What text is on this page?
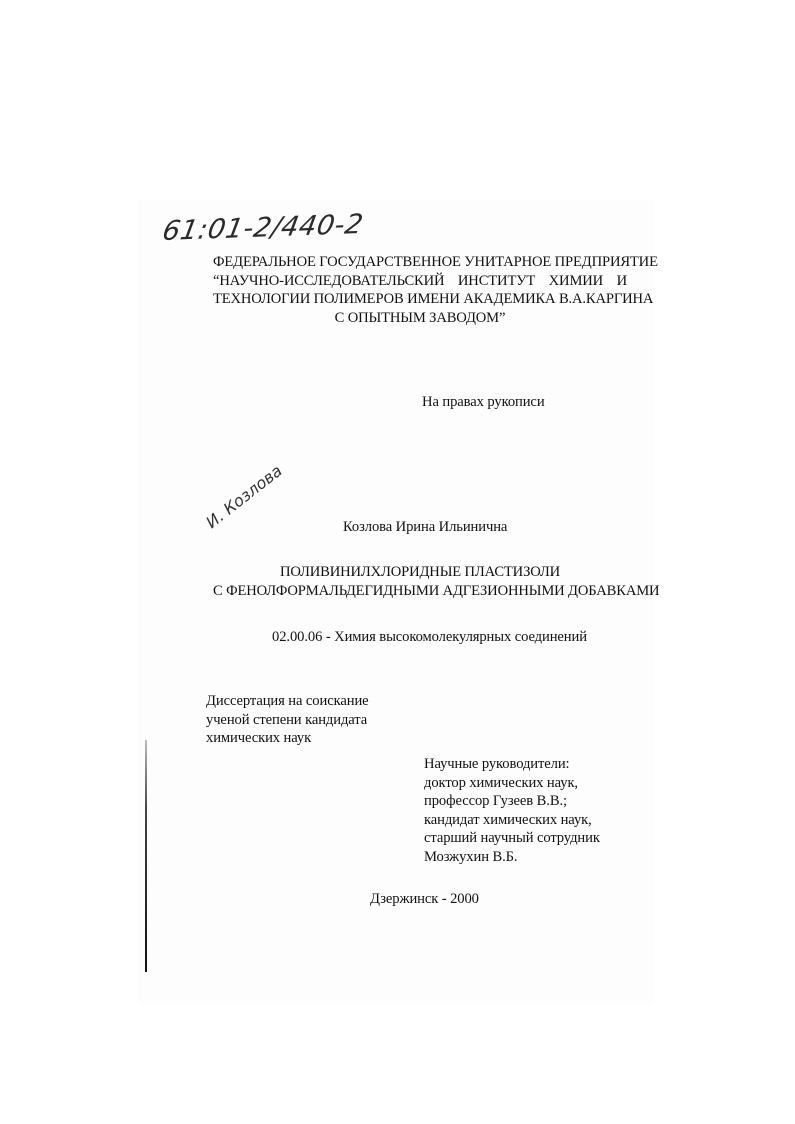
61:01-2/440-2
ФЕДЕРАЛЬНОЕ ГОСУДАРСТВЕННОЕ УНИТАРНОЕ ПРЕДПРИЯТИЕ
“НАУЧНО-ИССЛЕДОВАТЕЛЬСКИЙ ИНСТИТУТ ХИМИИ И
ТЕХНОЛОГИИ ПОЛИМЕРОВ ИМЕНИ АКАДЕМИКА В.А.КАРГИНА
С ОПЫТНЫМ ЗАВОДОМ”
На правах рукописи
И. Козлова	Козлова Ирина Ильинична
ПОЛИВИНИЛХЛОРИДНЫЕ ПЛАСТИЗОЛИ
С ФЕНОЛФОРМАЛЬДЕГИДНЫМИ АДГЕЗИОННЫМИ ДОБАВКАМИ
02.00.06 - Химия высокомолекулярных соединений
Диссертация на соискание
ученой степени кандидата
химических наук
Научные руководители:
доктор химических наук,
профессор Гузеев В.В.;
кандидат химических наук,
старший научный сотрудник
Мозжухин В.Б.
Дзержинск - 2000
